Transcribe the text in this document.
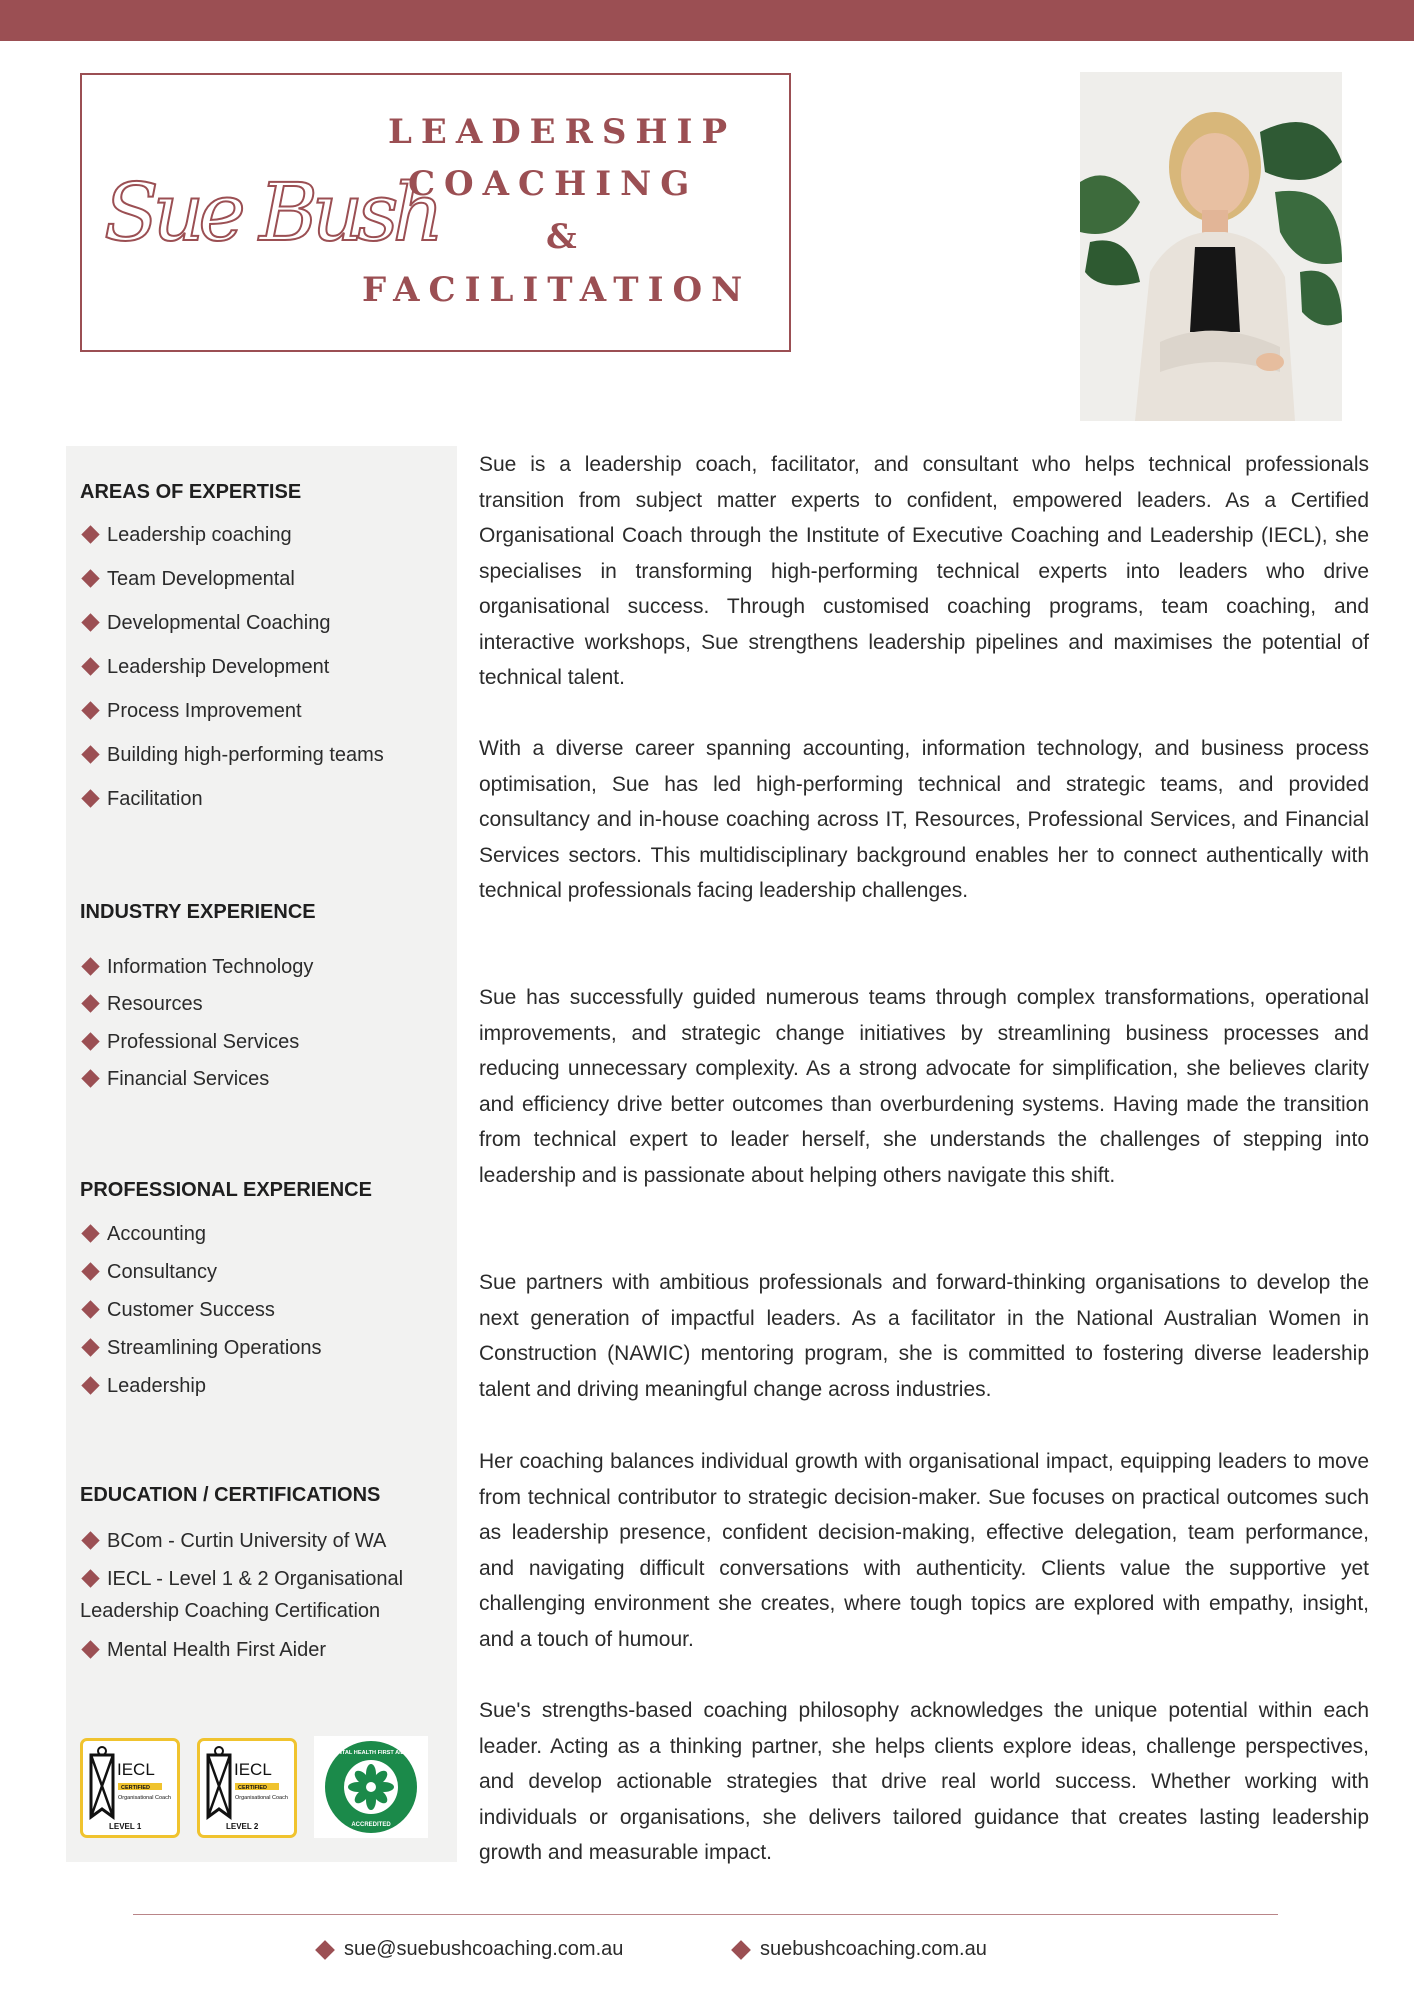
Sue Bush
LEADERSHIP
COACHING
&
FACILITATION
AREAS OF EXPERTISE
Leadership coaching
Team Developmental
Developmental Coaching
Leadership Development
Process Improvement
Building high-performing teams
Facilitation
INDUSTRY EXPERIENCE
Information Technology
Resources
Professional Services
Financial Services
PROFESSIONAL EXPERIENCE
Accounting
Consultancy
Customer Success
Streamlining Operations
Leadership
EDUCATION / CERTIFICATIONS
BCom - Curtin University of WA
IECL - Level 1 & 2 Organisational Leadership Coaching Certification
Mental Health First Aider
IECL
CERTIFIED
Organisational Coach
LEVEL 1
IECL
CERTIFIED
Organisational Coach
LEVEL 2
MENTAL HEALTH FIRST AIDER
ACCREDITED

Sue is a leadership coach, facilitator, and consultant who helps technical professionals transition from subject matter experts to confident, empowered leaders. As a Certified Organisational Coach through the Institute of Executive Coaching and Leadership (IECL), she specialises in transforming high-performing technical experts into leaders who drive organisational success. Through customised coaching programs, team coaching, and interactive workshops, Sue strengthens leadership pipelines and maximises the potential of technical talent.

With a diverse career spanning accounting, information technology, and business process optimisation, Sue has led high-performing technical and strategic teams, and provided consultancy and in-house coaching across IT, Resources, Professional Services, and Financial Services sectors. This multidisciplinary background enables her to connect authentically with technical professionals facing leadership challenges.

Sue has successfully guided numerous teams through complex transformations, operational improvements, and strategic change initiatives by streamlining business processes and reducing unnecessary complexity. As a strong advocate for simplification, she believes clarity and efficiency drive better outcomes than overburdening systems. Having made the transition from technical expert to leader herself, she understands the challenges of stepping into leadership and is passionate about helping others navigate this shift.

Sue partners with ambitious professionals and forward-thinking organisations to develop the next generation of impactful leaders. As a facilitator in the National Australian Women in Construction (NAWIC) mentoring program, she is committed to fostering diverse leadership talent and driving meaningful change across industries.

Her coaching balances individual growth with organisational impact, equipping leaders to move from technical contributor to strategic decision-maker. Sue focuses on practical outcomes such as leadership presence, confident decision-making, effective delegation, team performance, and navigating difficult conversations with authenticity. Clients value the supportive yet challenging environment she creates, where tough topics are explored with empathy, insight, and a touch of humour.

Sue's strengths-based coaching philosophy acknowledges the unique potential within each leader. Acting as a thinking partner, she helps clients explore ideas, challenge perspectives, and develop actionable strategies that drive real world success. Whether working with individuals or organisations, she delivers tailored guidance that creates lasting leadership growth and measurable impact.

sue@suebushcoaching.com.au	suebushcoaching.com.au
